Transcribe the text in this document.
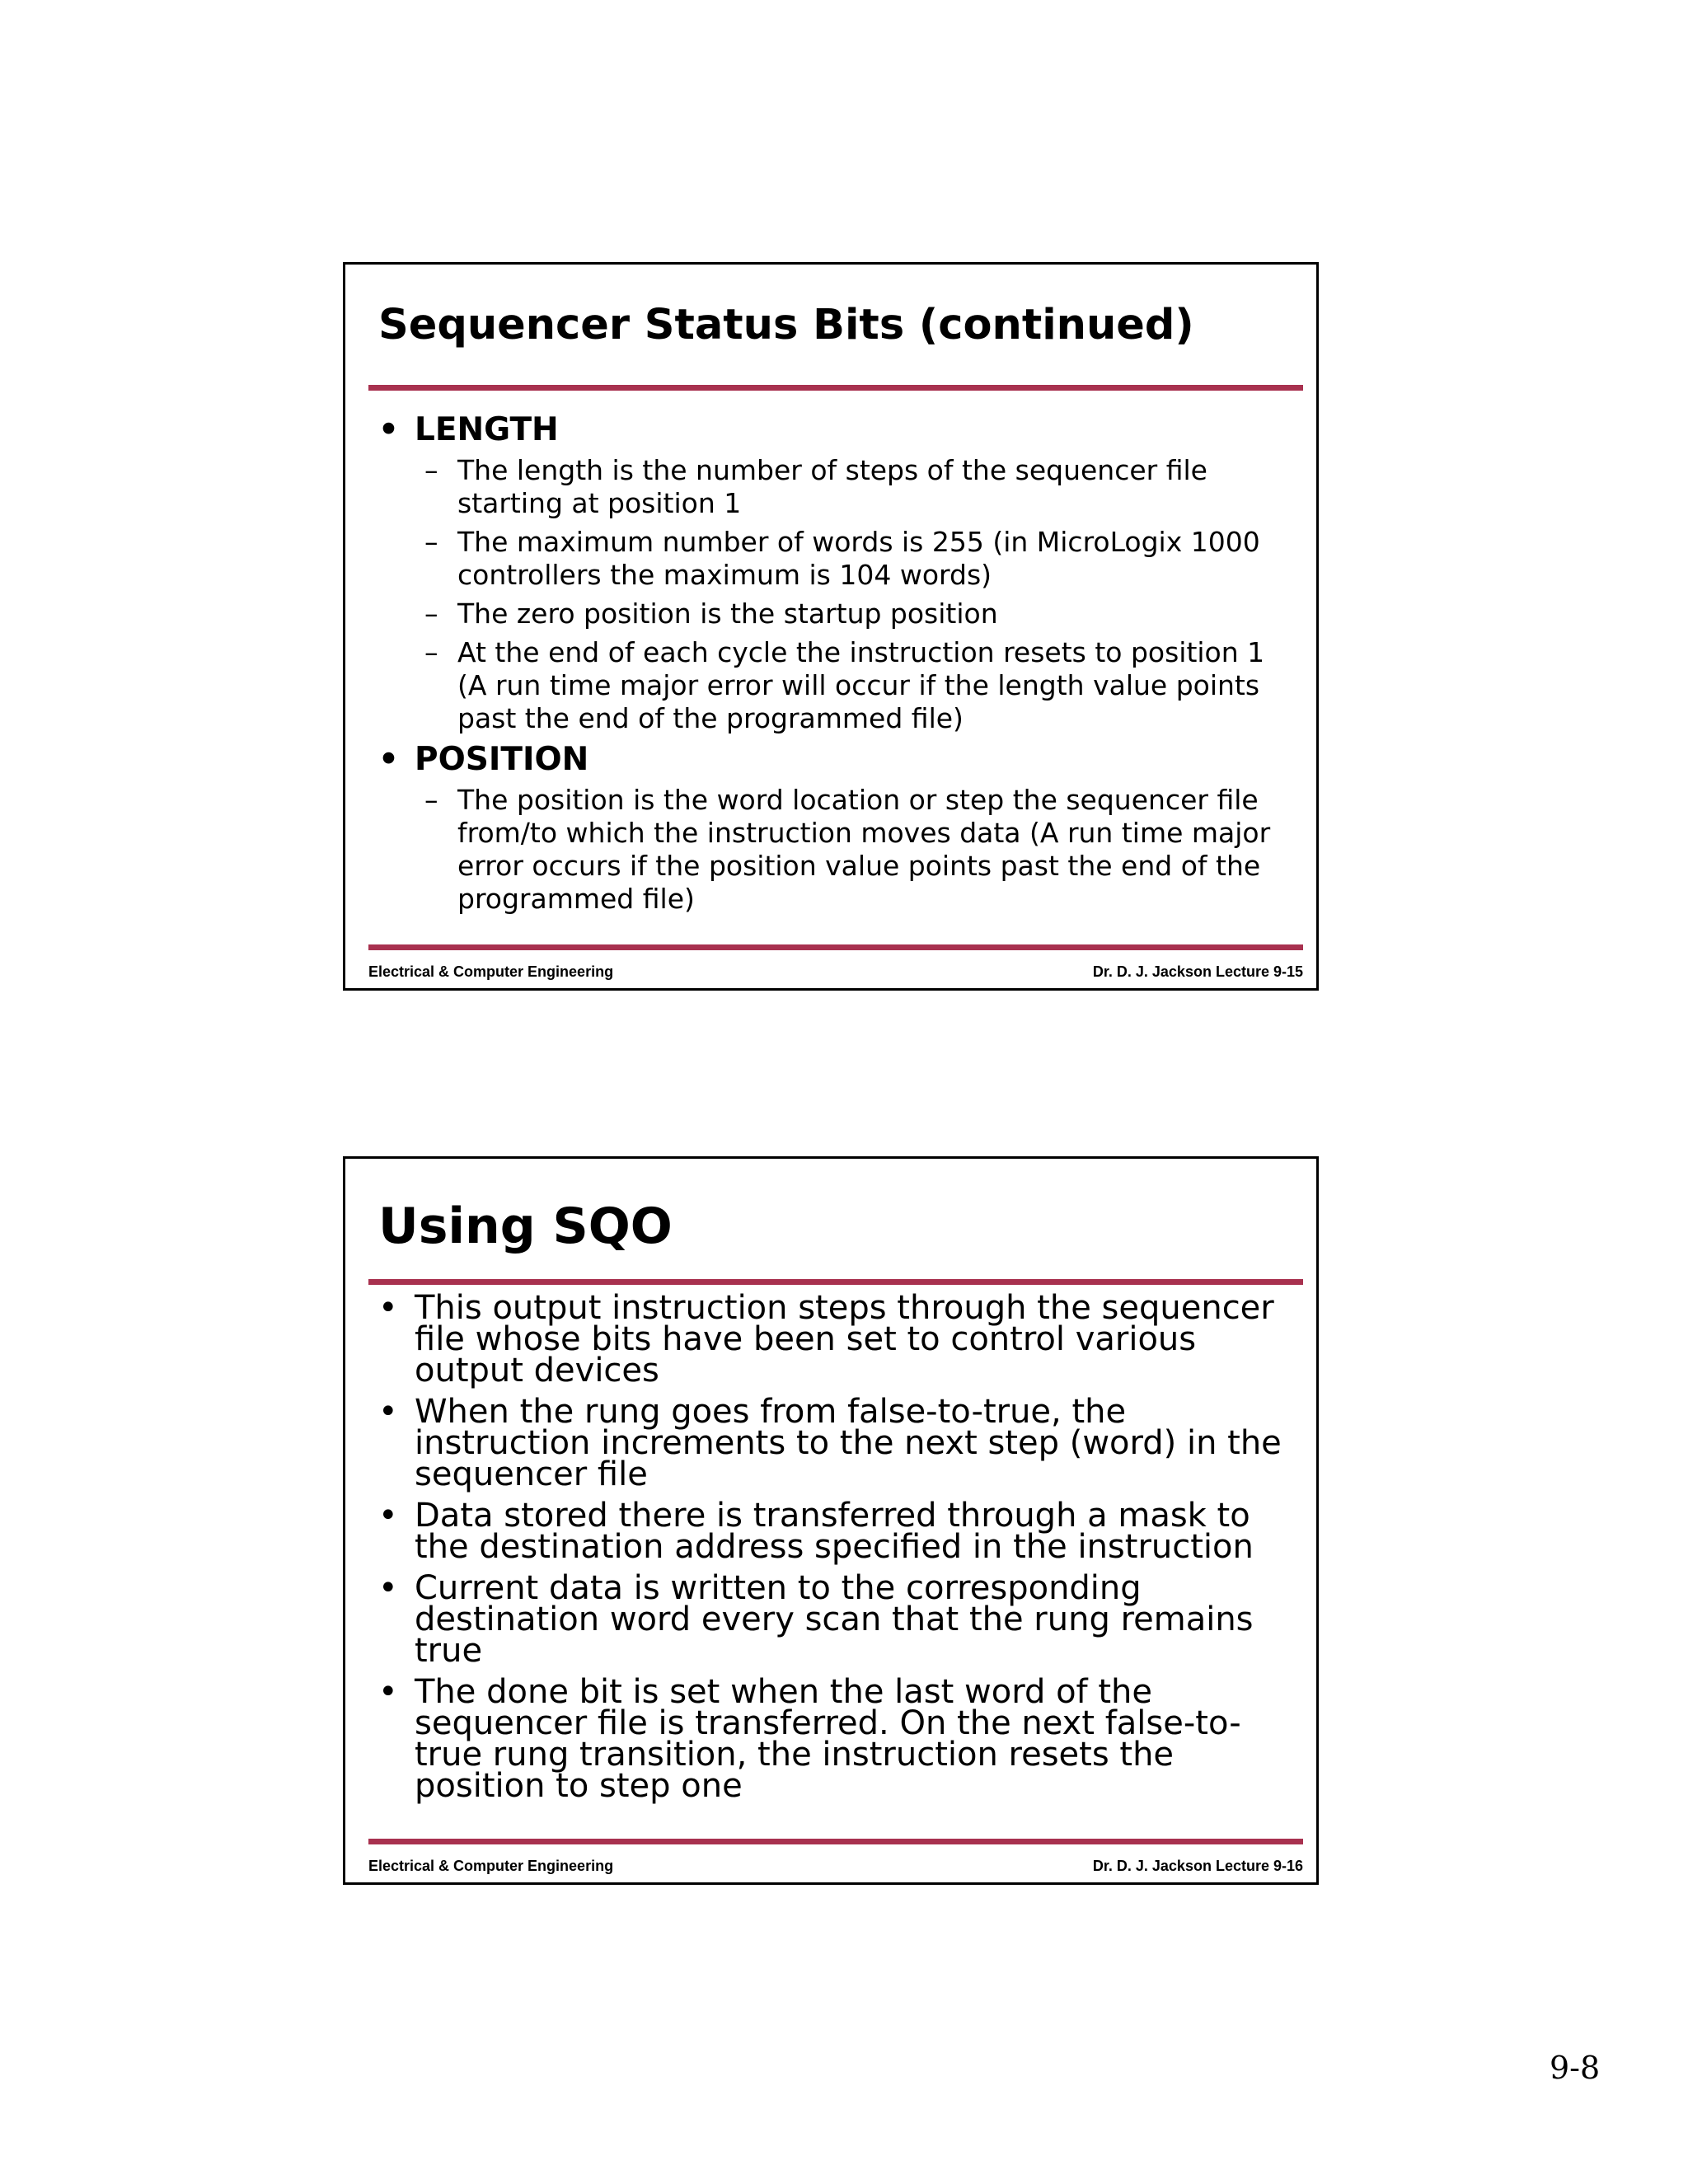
Sequencer Status Bits (continued)
• LENGTH
– The length is the number of steps of the sequencer file starting at position 1
– The maximum number of words is 255 (in MicroLogix 1000 controllers the maximum is 104 words)
– The zero position is the startup position
– At the end of each cycle the instruction resets to position 1 (A run time major error will occur if the length value points past the end of the programmed file)
• POSITION
– The position is the word location or step the sequencer file from/to which the instruction moves data (A run time major error occurs if the position value points past the end of the programmed file)
Electrical & Computer Engineering	Dr. D. J. Jackson Lecture 9-15
Using SQO
• This output instruction steps through the sequencer file whose bits have been set to control various output devices
• When the rung goes from false-to-true, the instruction increments to the next step (word) in the sequencer file
• Data stored there is transferred through a mask to the destination address specified in the instruction
• Current data is written to the corresponding destination word every scan that the rung remains true
• The done bit is set when the last word of the sequencer file is transferred. On the next false-to-true rung transition, the instruction resets the position to step one
Electrical & Computer Engineering	Dr. D. J. Jackson Lecture 9-16
9-8
